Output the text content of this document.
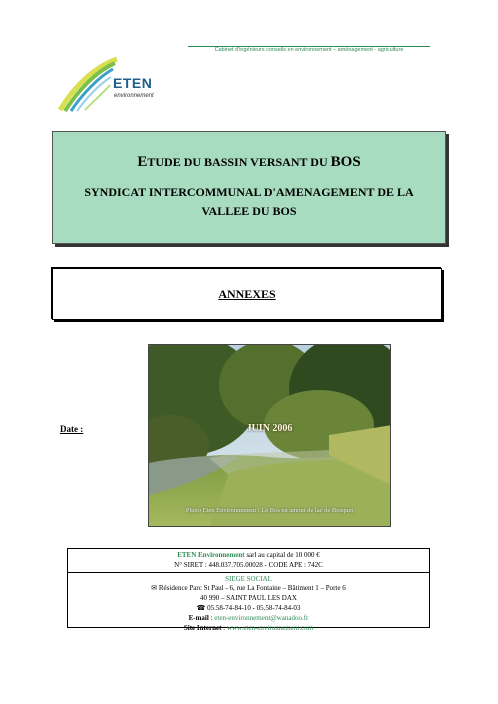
Cabinet d'ingénieurs conseils en environnement – aménagement - agriculture
ETEN
environnement
ETUDE DU BASSIN VERSANT DU BOS
SYNDICAT INTERCOMMUNAL D'AMENAGEMENT DE LA VALLEE DU BOS
ANNEXES
Date :	JUIN 2006
Photo Eten Environnement : Le Bos en amont de lac de Bosquet
ETEN Environnement sarl au capital de 10 000 €
N° SIRET : 448.037.705.00028 - CODE APE : 742C
SIEGE SOCIAL
✉ Résidence Parc St Paul - 6, rue La Fontaine – Bâtiment 1 – Porte 6
40 990 – SAINT PAUL LES DAX
☎ 05.58-74-84-10 - 05.58-74-84-03
E-mail : eten-environnement@wanadoo.fr
Site Internet : www.eten-environnement.com
